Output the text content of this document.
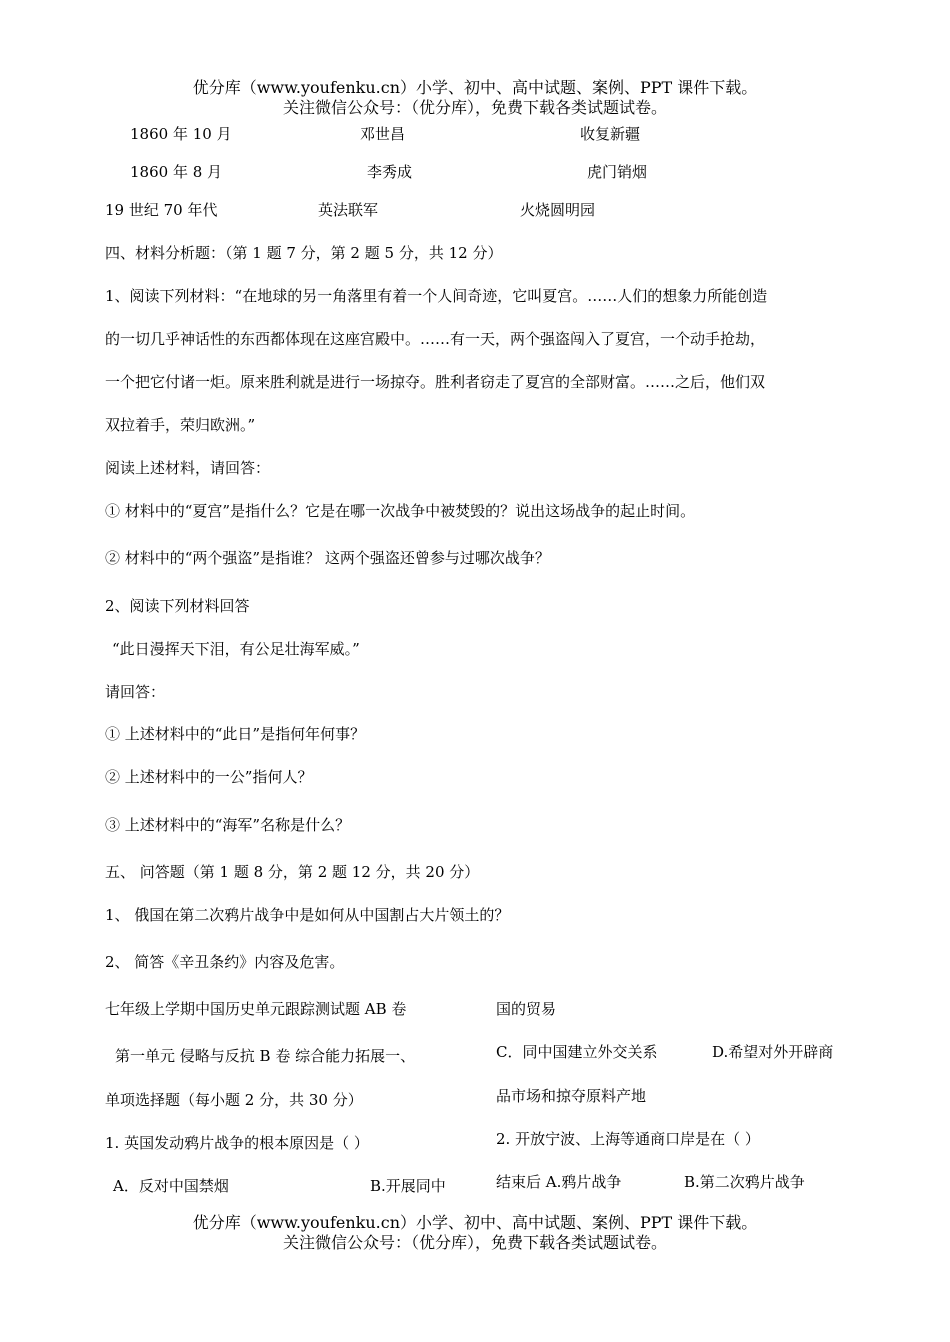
优分库（www.youfenku.cn）小学、初中、高中试题、案例、PPT 课件下载。
关注微信公众号：（优分库），免费下载各类试题试卷。
1860 年 10 月	邓世昌	收复新疆
1860 年 8 月	李秀成	虎门销烟
19 世纪 70 年代	英法联军	火烧圆明园
四、材料分析题：（第 1 题 7 分，第 2 题 5 分，共 12 分）
1、阅读下列材料：“在地球的另一角落里有着一个人间奇迹，它叫夏宫。……人们的想象力所能创造
的一切几乎神话性的东西都体现在这座宫殿中。……有一天，两个强盗闯入了夏宫，一个动手抢劫，
一个把它付诸一炬。原来胜利就是进行一场掠夺。胜利者窃走了夏宫的全部财富。……之后，他们双
双拉着手，荣归欧洲。”
阅读上述材料，请回答：
① 材料中的“夏宫”是指什么？它是在哪一次战争中被焚毁的？说出这场战争的起止时间。
② 材料中的“两个强盗”是指谁？ 这两个强盗还曾参与过哪次战争？
2、阅读下列材料回答
“此日漫挥天下泪，有公足壮海军威。”
请回答：
① 上述材料中的“此日”是指何年何事？
② 上述材料中的一公”指何人？
③ 上述材料中的“海军”名称是什么？
五、 问答题（第 1 题 8 分，第 2 题 12 分，共 20 分）
1、 俄国在第二次鸦片战争中是如何从中国割占大片领土的？
2、 简答《辛丑条约》内容及危害。
七年级上学期中国历史单元跟踪测试题 AB 卷
第一单元 侵略与反抗 B 卷 综合能力拓展一、
单项选择题（每小题 2 分，共 30 分）
1. 英国发动鸦片战争的根本原因是（ ）
A．反对中国禁烟	B.开展同中
国的贸易
C．同中国建立外交关系	D.希望对外开辟商
品市场和掠夺原料产地
2. 开放宁波、上海等通商口岸是在（ ）
结束后 A.鸦片战争	B.第二次鸦片战争
优分库（www.youfenku.cn）小学、初中、高中试题、案例、PPT 课件下载。
关注微信公众号：（优分库），免费下载各类试题试卷。
